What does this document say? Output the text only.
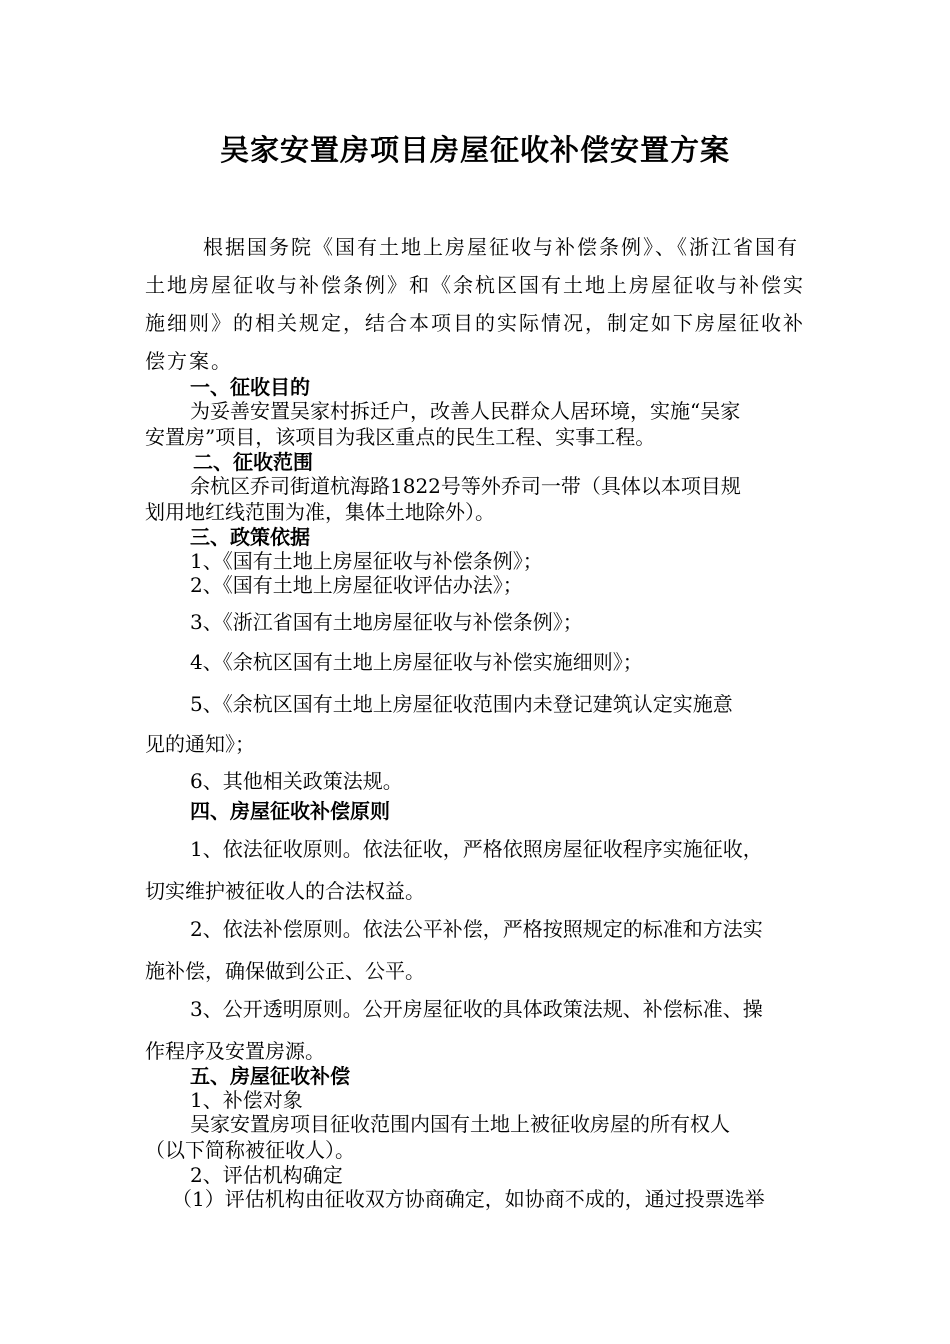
吴家安置房项目房屋征收补偿安置方案
根据国务院《国有土地上房屋征收与补偿条例》、《浙江省国有
土地房屋征收与补偿条例》和《余杭区国有土地上房屋征收与补偿实
施细则》的相关规定，结合本项目的实际情况，制定如下房屋征收补
偿方案。
一、征收目的
为妥善安置吴家村拆迁户，改善人民群众人居环境，实施“吴家
安置房”项目，该项目为我区重点的民生工程、实事工程。
二、征收范围
余杭区乔司街道杭海路1822号等外乔司一带（具体以本项目规
划用地红线范围为准，集体土地除外）。
三、政策依据
1、《国有土地上房屋征收与补偿条例》；
2、《国有土地上房屋征收评估办法》；
3、《浙江省国有土地房屋征收与补偿条例》；
4、《余杭区国有土地上房屋征收与补偿实施细则》；
5、《余杭区国有土地上房屋征收范围内未登记建筑认定实施意
见的通知》；
6、其他相关政策法规。
四、房屋征收补偿原则
1、依法征收原则。依法征收，严格依照房屋征收程序实施征收，
切实维护被征收人的合法权益。
2、依法补偿原则。依法公平补偿，严格按照规定的标准和方法实
施补偿，确保做到公正、公平。
3、公开透明原则。公开房屋征收的具体政策法规、补偿标准、操
作程序及安置房源。
五、房屋征收补偿
1、补偿对象
吴家安置房项目征收范围内国有土地上被征收房屋的所有权人
（以下简称被征收人）。
2、评估机构确定
（1）评估机构由征收双方协商确定，如协商不成的，通过投票选举
